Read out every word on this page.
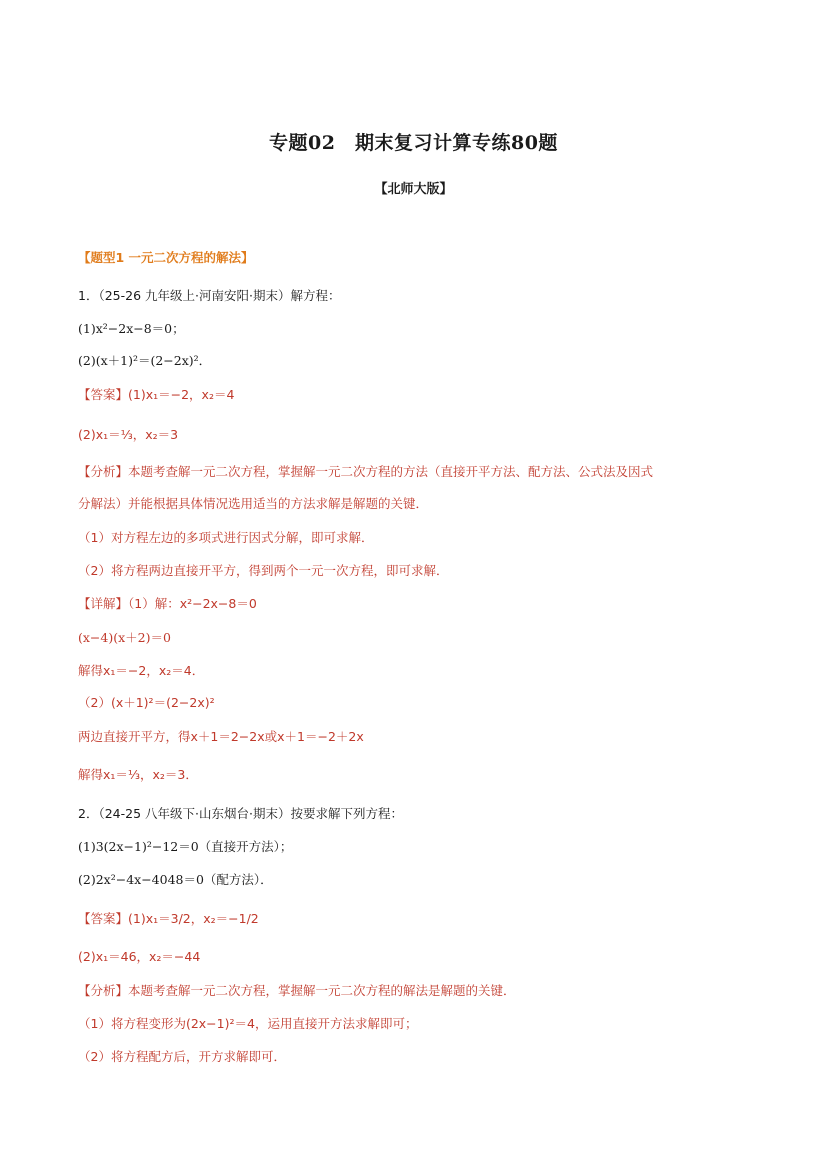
专题02　期末复习计算专练80题
【北师大版】
【题型1 一元二次方程的解法】
1．（25-26 九年级上·河南安阳·期末）解方程：
(1)x²−2x−8＝0；
(2)(x＋1)²＝(2−2x)²．
【答案】(1)x₁＝−2，x₂＝4
(2)x₁＝⅓，x₂＝3
【分析】本题考查解一元二次方程，掌握解一元二次方程的方法（直接开平方法、配方法、公式法及因式
分解法）并能根据具体情况选用适当的方法求解是解题的关键．
（1）对方程左边的多项式进行因式分解，即可求解．
（2）将方程两边直接开平方，得到两个一元一次方程，即可求解．
【详解】（1）解：x²−2x−8＝0
(x−4)(x＋2)＝0
解得x₁＝−2，x₂＝4．
（2）(x＋1)²＝(2−2x)²
两边直接开平方，得x＋1＝2−2x或x＋1＝−2＋2x
解得x₁＝⅓，x₂＝3．
2．（24-25 八年级下·山东烟台·期末）按要求解下列方程：
(1)3(2x−1)²−12＝0（直接开方法）；
(2)2x²−4x−4048＝0（配方法）．
【答案】(1)x₁＝3/2，x₂＝−1/2
(2)x₁＝46，x₂＝−44
【分析】本题考查解一元二次方程，掌握解一元二次方程的解法是解题的关键．
（1）将方程变形为(2x−1)²＝4，运用直接开方法求解即可；
（2）将方程配方后，开方求解即可．
